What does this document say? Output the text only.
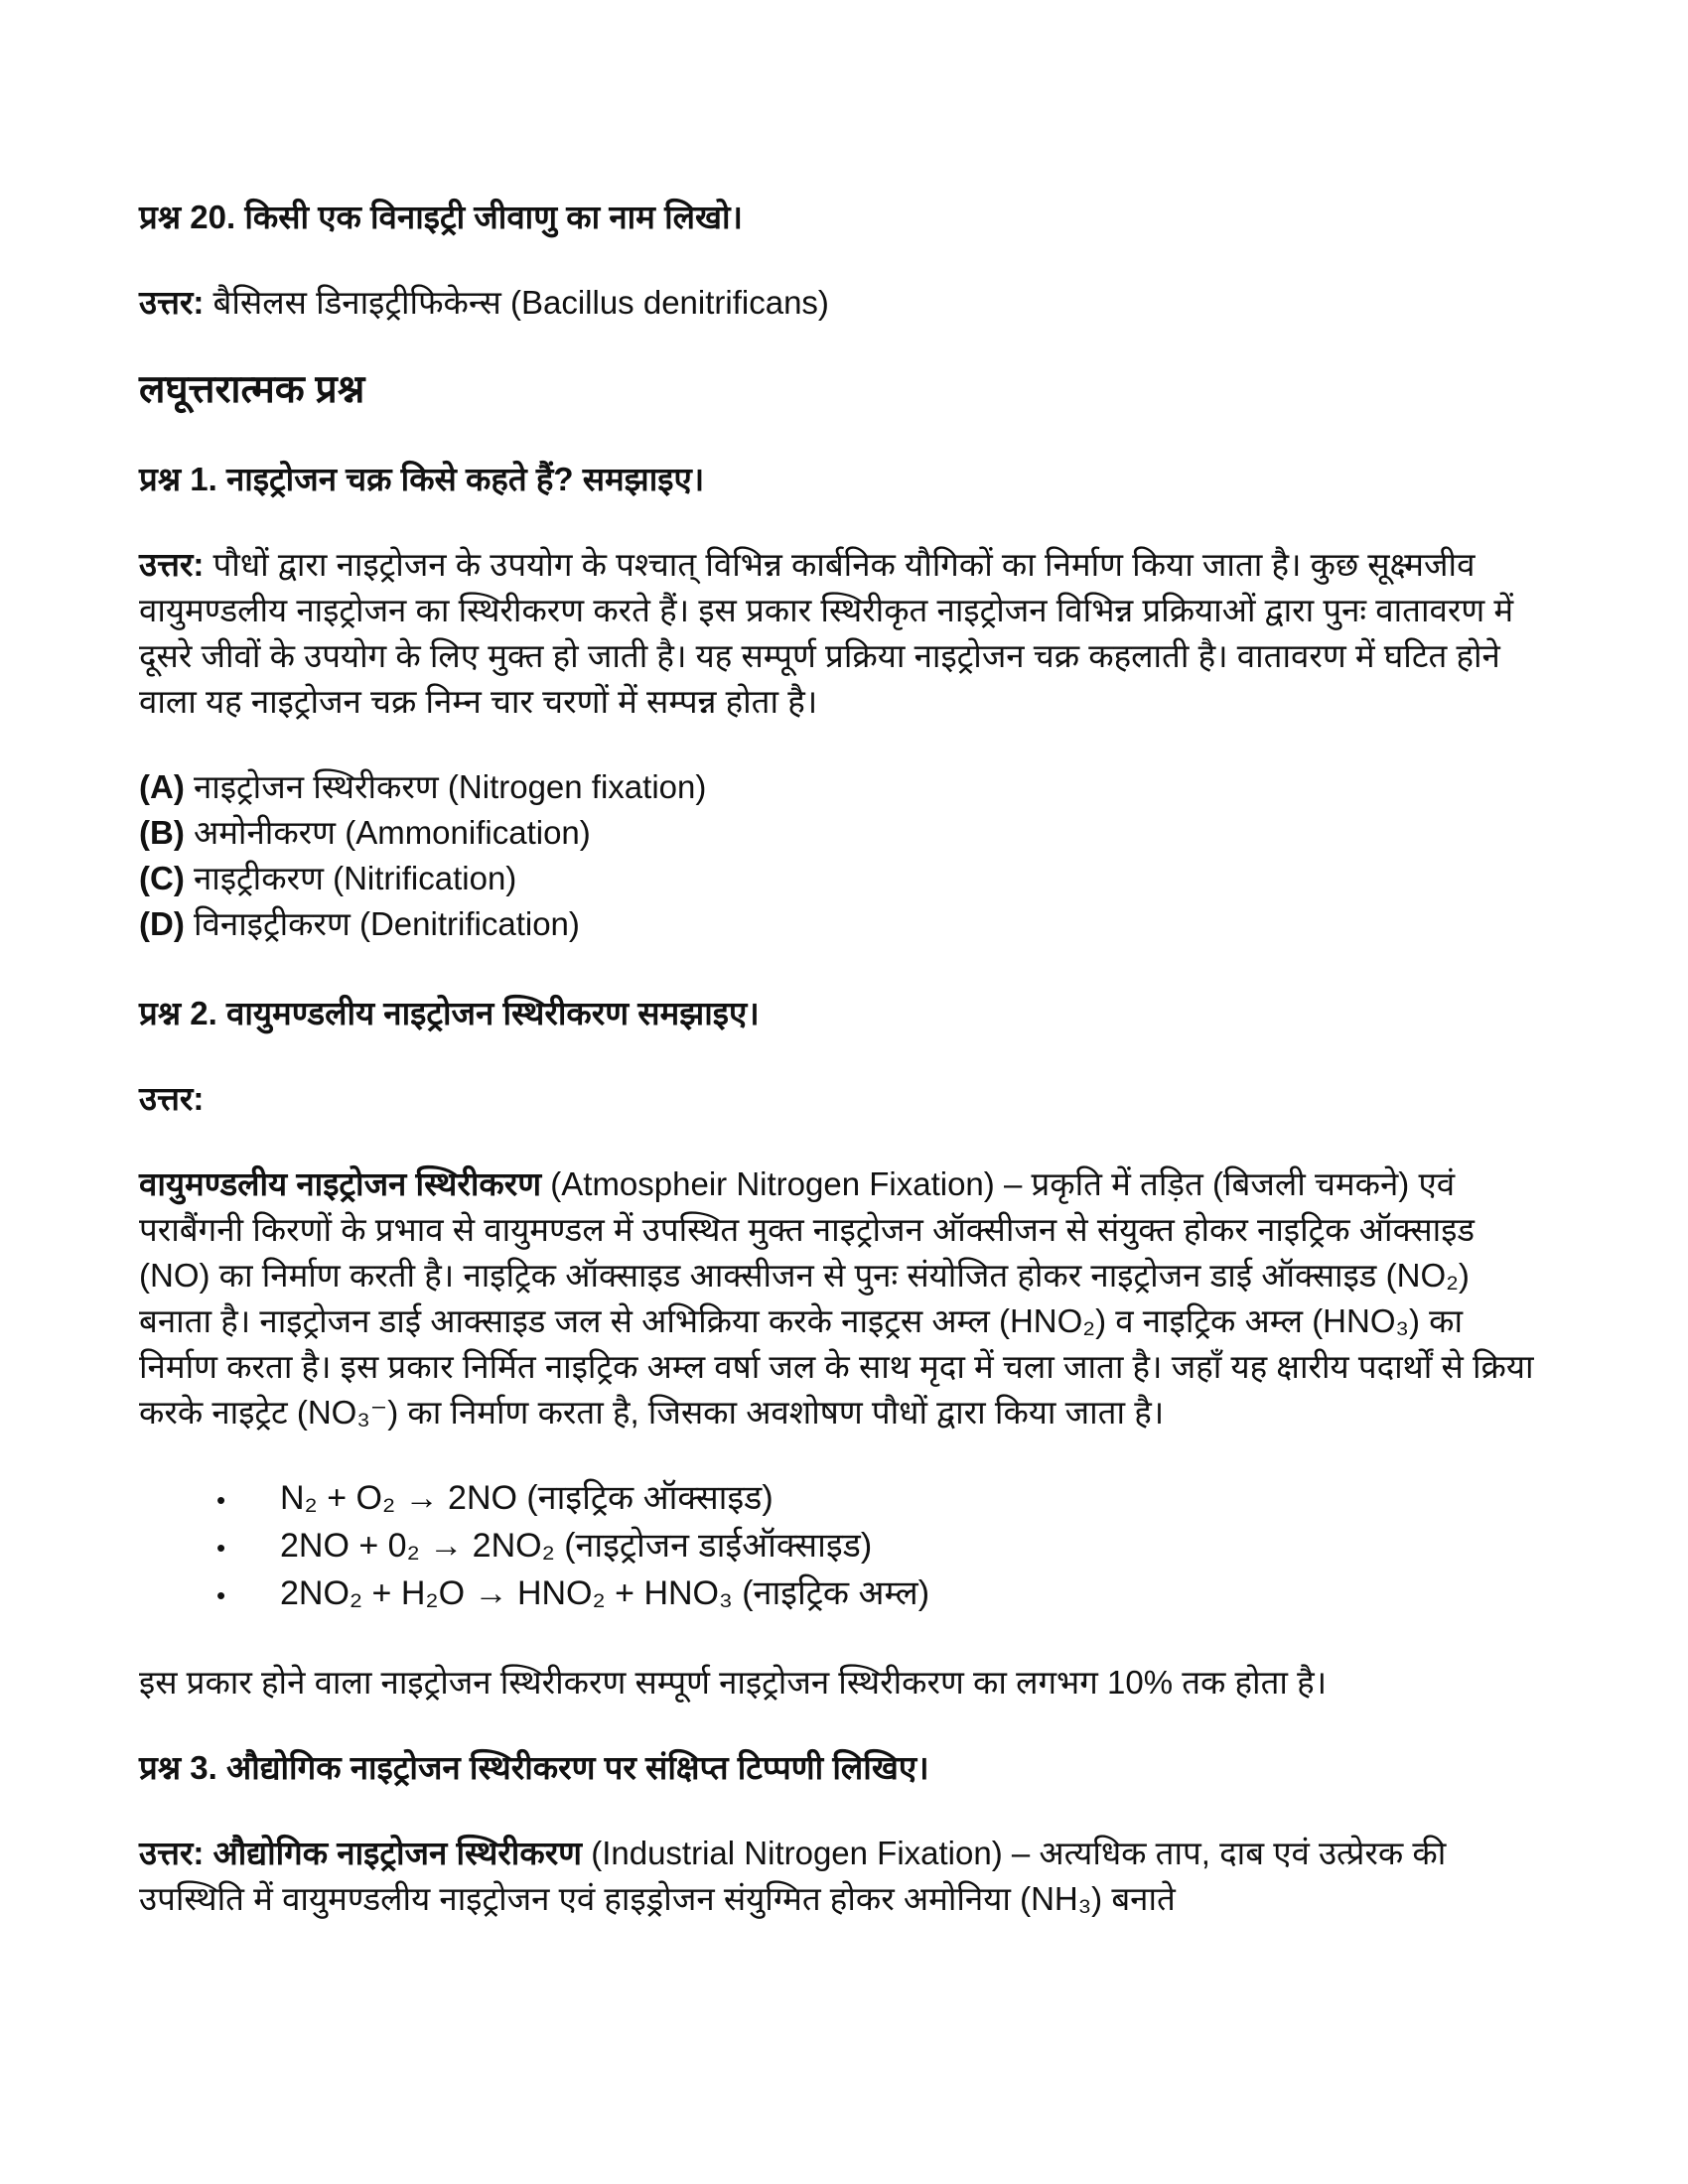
प्रश्न 20. किसी एक विनाइट्री जीवाणु का नाम लिखो।

उत्तर: बैसिलस डिनाइट्रीफिकेन्स (Bacillus denitrificans)

लघूत्तरात्मक प्रश्न

प्रश्न 1. नाइट्रोजन चक्र किसे कहते हैं? समझाइए।

उत्तर: पौधों द्वारा नाइट्रोजन के उपयोग के पश्चात् विभिन्न कार्बनिक यौगिकों का निर्माण किया जाता है। कुछ सूक्ष्मजीव वायुमण्डलीय नाइट्रोजन का स्थिरीकरण करते हैं। इस प्रकार स्थिरीकृत नाइट्रोजन विभिन्न प्रक्रियाओं द्वारा पुनः वातावरण में दूसरे जीवों के उपयोग के लिए मुक्त हो जाती है। यह सम्पूर्ण प्रक्रिया नाइट्रोजन चक्र कहलाती है। वातावरण में घटित होने वाला यह नाइट्रोजन चक्र निम्न चार चरणों में सम्पन्न होता है।

(A) नाइट्रोजन स्थिरीकरण (Nitrogen fixation)

(B) अमोनीकरण (Ammonification)

(C) नाइट्रीकरण (Nitrification)

(D) विनाइट्रीकरण (Denitrification)

प्रश्न 2. वायुमण्डलीय नाइट्रोजन स्थिरीकरण समझाइए।

उत्तर:

वायुमण्डलीय नाइट्रोजन स्थिरीकरण (Atmospheir Nitrogen Fixation) – प्रकृति में तड़ित (बिजली चमकने) एवं पराबैंगनी किरणों के प्रभाव से वायुमण्डल में उपस्थित मुक्त नाइट्रोजन ऑक्सीजन से संयुक्त होकर नाइट्रिक ऑक्साइड (NO) का निर्माण करती है। नाइट्रिक ऑक्साइड आक्सीजन से पुनः संयोजित होकर नाइट्रोजन डाई ऑक्साइड (NO₂) बनाता है। नाइट्रोजन डाई आक्साइड जल से अभिक्रिया करके नाइट्रस अम्ल (HNO₂) व नाइट्रिक अम्ल (HNO₃) का निर्माण करता है। इस प्रकार निर्मित नाइट्रिक अम्ल वर्षा जल के साथ मृदा में चला जाता है। जहाँ यह क्षारीय पदार्थों से क्रिया करके नाइट्रेट (NO₃⁻) का निर्माण करता है, जिसका अवशोषण पौधों द्वारा किया जाता है।

•
N₂ + O₂ → 2NO (नाइट्रिक ऑक्साइड)
•
2NO + 0₂ → 2NO₂ (नाइट्रोजन डाईऑक्साइड)
•
2NO₂ + H₂O → HNO₂ + HNO₃ (नाइट्रिक अम्ल)

इस प्रकार होने वाला नाइट्रोजन स्थिरीकरण सम्पूर्ण नाइट्रोजन स्थिरीकरण का लगभग 10% तक होता है।

प्रश्न 3. औद्योगिक नाइट्रोजन स्थिरीकरण पर संक्षिप्त टिप्पणी लिखिए।

उत्तर: औद्योगिक नाइट्रोजन स्थिरीकरण (Industrial Nitrogen Fixation) – अत्यधिक ताप, दाब एवं उत्प्रेरक की उपस्थिति में वायुमण्डलीय नाइट्रोजन एवं हाइड्रोजन संयुग्मित होकर अमोनिया (NH₃) बनाते
